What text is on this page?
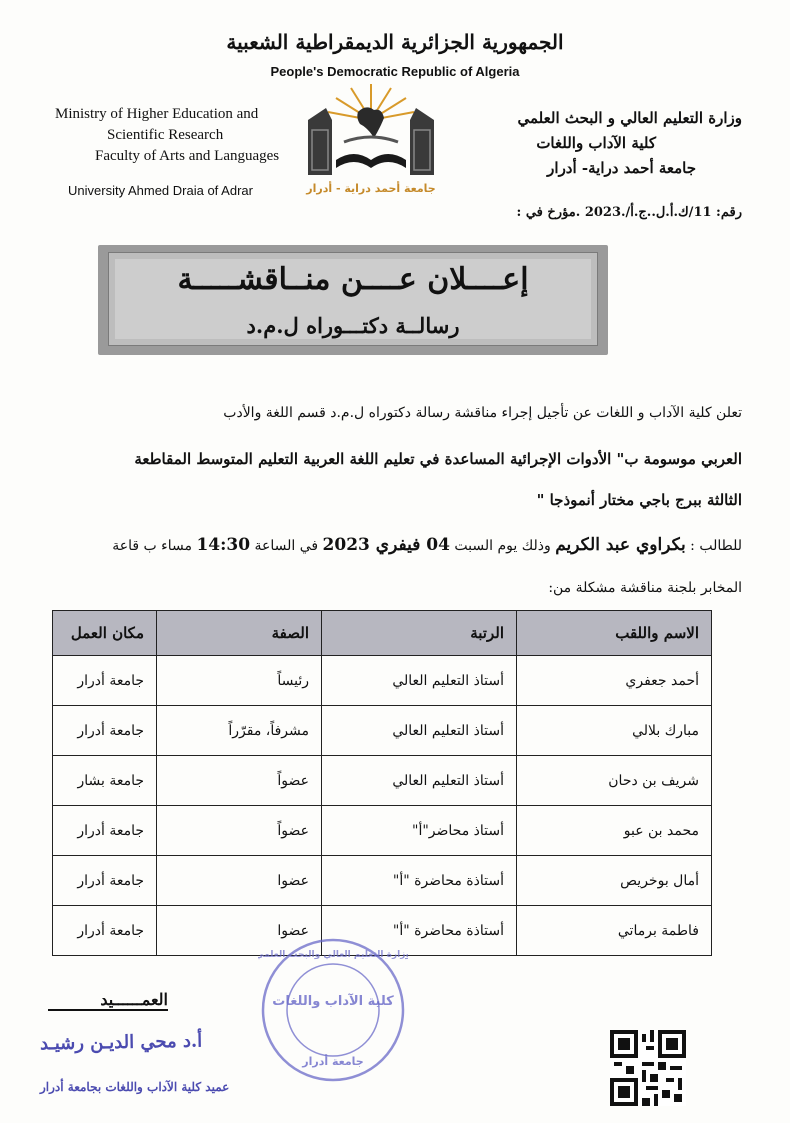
الجمهورية الجزائرية الديمقراطية الشعبية
People's Democratic Republic of Algeria
Ministry of Higher Education and
Scientific Research
Faculty of Arts and Languages
University Ahmed Draia of Adrar
وزارة التعليم العالي و البحث العلمي
كلية الآداب واللغات
جامعة أحمد دراية- أدرار
جامعة أحمد دراية - أدرار
رقم: 11/ك.أ.ل..ج.أ/.2023 .مؤرخ في :
إعــــلان عــــن منــاقشـــــة
رسالــة دكتـــوراه ل.م.د
تعلن كلية الآداب و اللغات عن تأجيل إجراء مناقشة رسالة دكتوراه ل.م.د قسم اللغة والأدب
العربي موسومة ب" الأدوات الإجرائية المساعدة في تعليم اللغة العربية التعليم المتوسط المقاطعة
الثالثة ببرج باجي مختار أنموذجا "
للطالب : بكراوي عبد الكريم وذلك يوم السبت 04 فيفري 2023 في الساعة 14:30 مساء ب قاعة
المخابر بلجنة مناقشة مشكلة من:
الاسم واللقب	الرتبة	الصفة	مكان العمل
أحمد جعفري	أستاذ التعليم العالي	رئيساً	جامعة أدرار
مبارك بلالي	أستاذ التعليم العالي	مشرفاً، مقرّراً	جامعة أدرار
شريف بن دحان	أستاذ التعليم العالي	عضواً	جامعة بشار
محمد بن عبو	أستاذ محاضر"أ"	عضواً	جامعة أدرار
أمال بوخريص	أستاذة محاضرة "أ"	عضوا	جامعة أدرار
فاطمة برماتي	أستاذة محاضرة "أ"	عضوا	جامعة أدرار
العمــــــيد
أ.د محي الديـن رشيـد
عميد كلية الآداب واللغات بجامعة أدرار
كلية الآداب واللغات
جامعة أدرار
وزارة التعليم العالي والبحث العلمي
